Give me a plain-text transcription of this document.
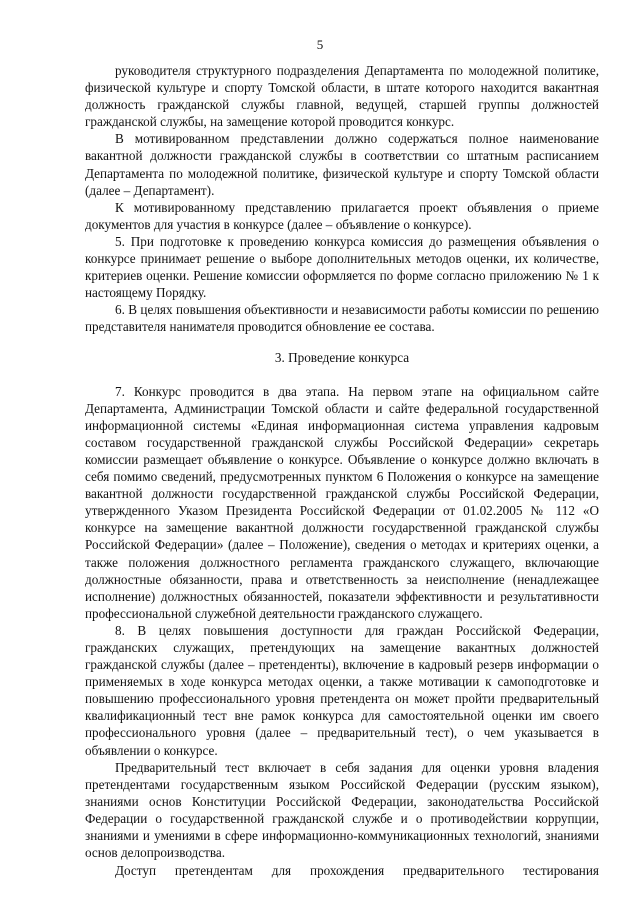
5

руководителя структурного подразделения Департамента по молодежной политике, физической культуре и спорту Томской области, в штате которого находится вакантная должность гражданской службы главной, ведущей, старшей группы должностей гражданской службы, на замещение которой проводится конкурс.

В мотивированном представлении должно содержаться полное наименование вакантной должности гражданской службы в соответствии со штатным расписанием Департамента по молодежной политике, физической культуре и спорту Томской области (далее – Департамент).

К мотивированному представлению прилагается проект объявления о приеме документов для участия в конкурсе (далее – объявление о конкурсе).

5. При подготовке к проведению конкурса комиссия до размещения объявления о конкурсе принимает решение о выборе дополнительных методов оценки, их количестве, критериев оценки. Решение комиссии оформляется по форме согласно приложению № 1 к настоящему Порядку.

6. В целях повышения объективности и независимости работы комиссии по решению представителя нанимателя проводится обновление ее состава.

3. Проведение конкурса

7. Конкурс проводится в два этапа. На первом этапе на официальном сайте Департамента, Администрации Томской области и сайте федеральной государственной информационной системы «Единая информационная система управления кадровым составом государственной гражданской службы Российской Федерации» секретарь комиссии размещает объявление о конкурсе. Объявление о конкурсе должно включать в себя помимо сведений, предусмотренных пунктом 6 Положения о конкурсе на замещение вакантной должности государственной гражданской службы Российской Федерации, утвержденного Указом Президента Российской Федерации от 01.02.2005 № 112 «О конкурсе на замещение вакантной должности государственной гражданской службы Российской Федерации» (далее – Положение), сведения о методах и критериях оценки, а также положения должностного регламента гражданского служащего, включающие должностные обязанности, права и ответственность за неисполнение (ненадлежащее исполнение) должностных обязанностей, показатели эффективности и результативности профессиональной служебной деятельности гражданского служащего.

8. В целях повышения доступности для граждан Российской Федерации, гражданских служащих, претендующих на замещение вакантных должностей гражданской службы (далее – претенденты), включение в кадровый резерв информации о применяемых в ходе конкурса методах оценки, а также мотивации к самоподготовке и повышению профессионального уровня претендента он может пройти предварительный квалификационный тест вне рамок конкурса для самостоятельной оценки им своего профессионального уровня (далее – предварительный тест), о чем указывается в объявлении о конкурсе.

Предварительный тест включает в себя задания для оценки уровня владения претендентами государственным языком Российской Федерации (русским языком), знаниями основ Конституции Российской Федерации, законодательства Российской Федерации о государственной гражданской службе и о противодействии коррупции, знаниями и умениями в сфере информационно-коммуникационных технологий, знаниями основ делопроизводства.

Доступ претендентам для прохождения предварительного тестирования
